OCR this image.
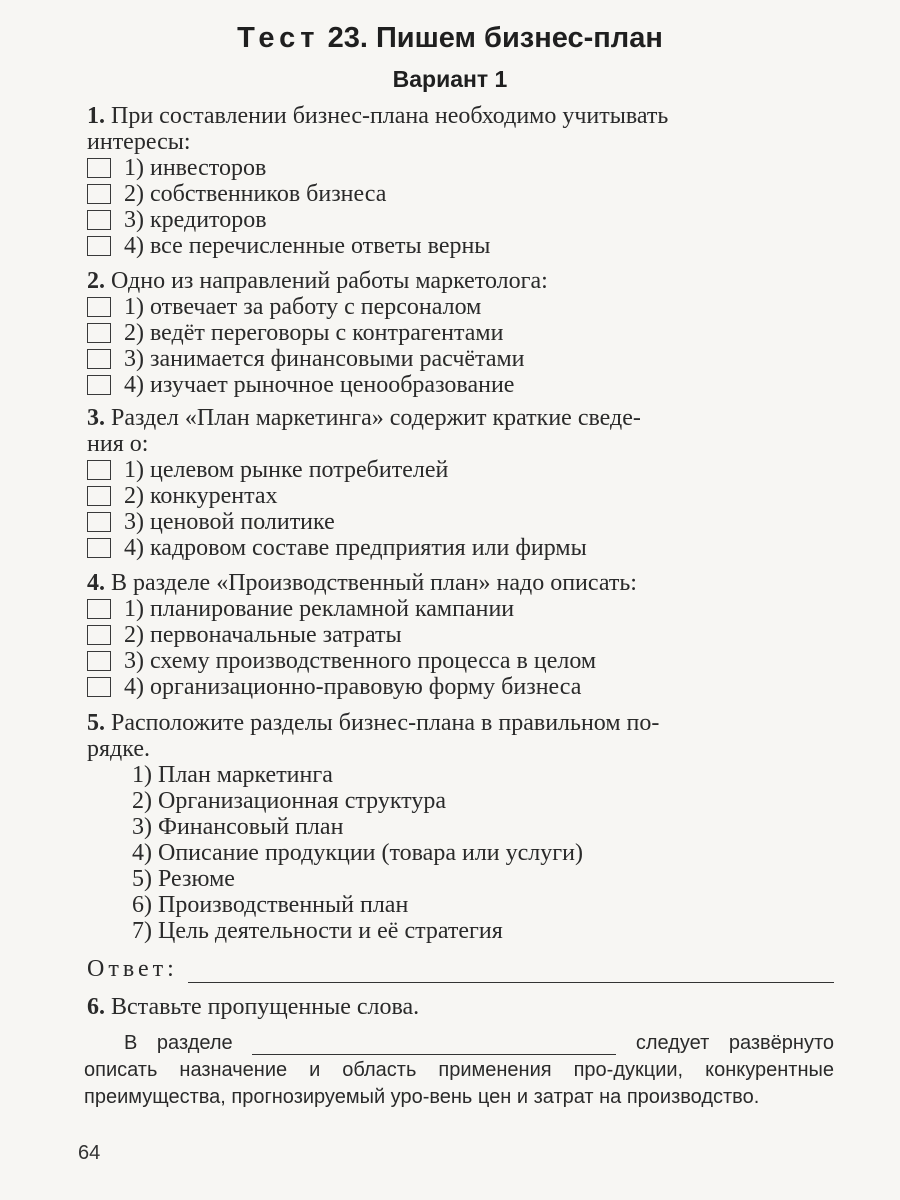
Тест 23. Пишем бизнес-план
Вариант 1
1. При составлении бизнес-плана необходимо учитывать
интересы:
1) инвесторов
2) собственников бизнеса
3) кредиторов
4) все перечисленные ответы верны
2. Одно из направлений работы маркетолога:
1) отвечает за работу с персоналом
2) ведёт переговоры с контрагентами
3) занимается финансовыми расчётами
4) изучает рыночное ценообразование
3. Раздел «План маркетинга» содержит краткие сведе-
ния о:
1) целевом рынке потребителей
2) конкурентах
3) ценовой политике
4) кадровом составе предприятия или фирмы
4. В разделе «Производственный план» надо описать:
1) планирование рекламной кампании
2) первоначальные затраты
3) схему производственного процесса в целом
4) организационно-правовую форму бизнеса
5. Расположите разделы бизнес-плана в правильном по-
рядке.
1) План маркетинга
2) Организационная структура
3) Финансовый план
4) Описание продукции (товара или услуги)
5) Резюме
6) Производственный план
7) Цель деятельности и её стратегия
Ответ:
6. Вставьте пропущенные слова.
В разделе	следует развёрнуто описать назначение и область применения про-дукции, конкурентные преимущества, прогнозируемый уро-вень цен и затрат на производство.
64
